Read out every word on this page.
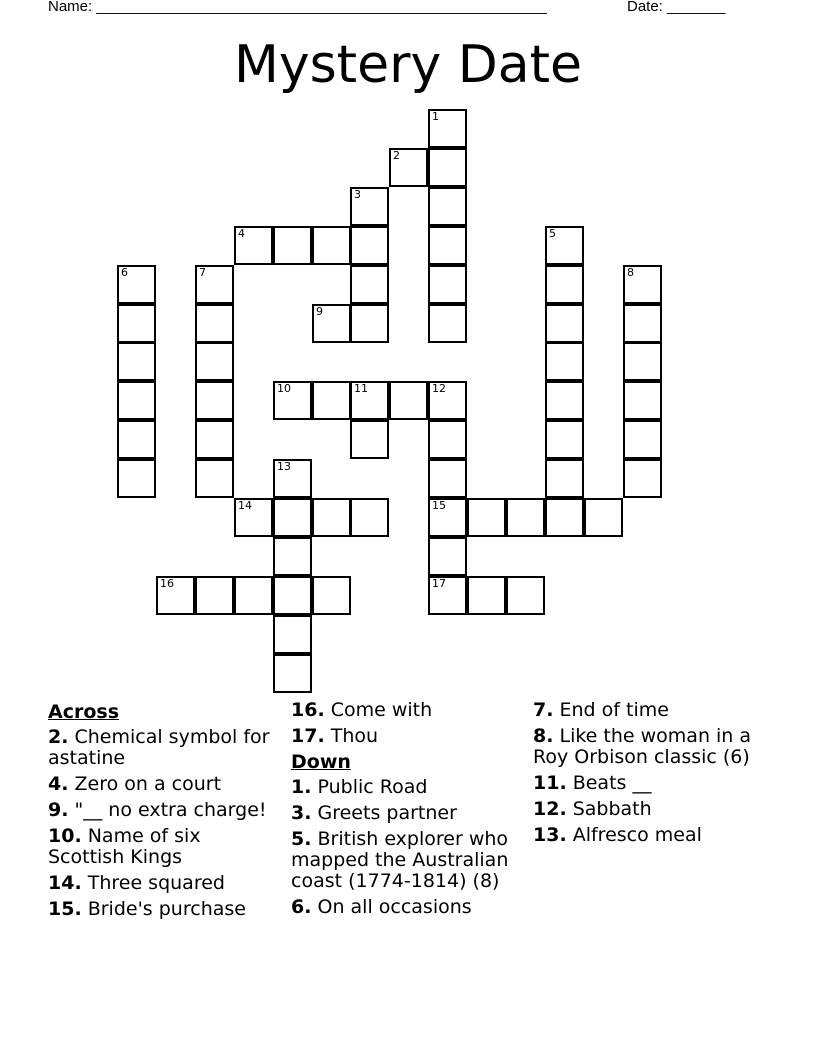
Name: ______________________________________________________	Date: _______
Mystery Date
1
2
3
4	5
6	7	8
9
10	11	12
13
14	15
16	17
Across
2. Chemical symbol for astatine
4. Zero on a court
9. "__ no extra charge!
10. Name of six Scottish Kings
14. Three squared
15. Bride's purchase
16. Come with
17. Thou
Down
1. Public Road
3. Greets partner
5. British explorer who mapped the Australian coast (1774-1814) (8)
6. On all occasions
7. End of time
8. Like the woman in a Roy Orbison classic (6)
11. Beats __
12. Sabbath
13. Alfresco meal
